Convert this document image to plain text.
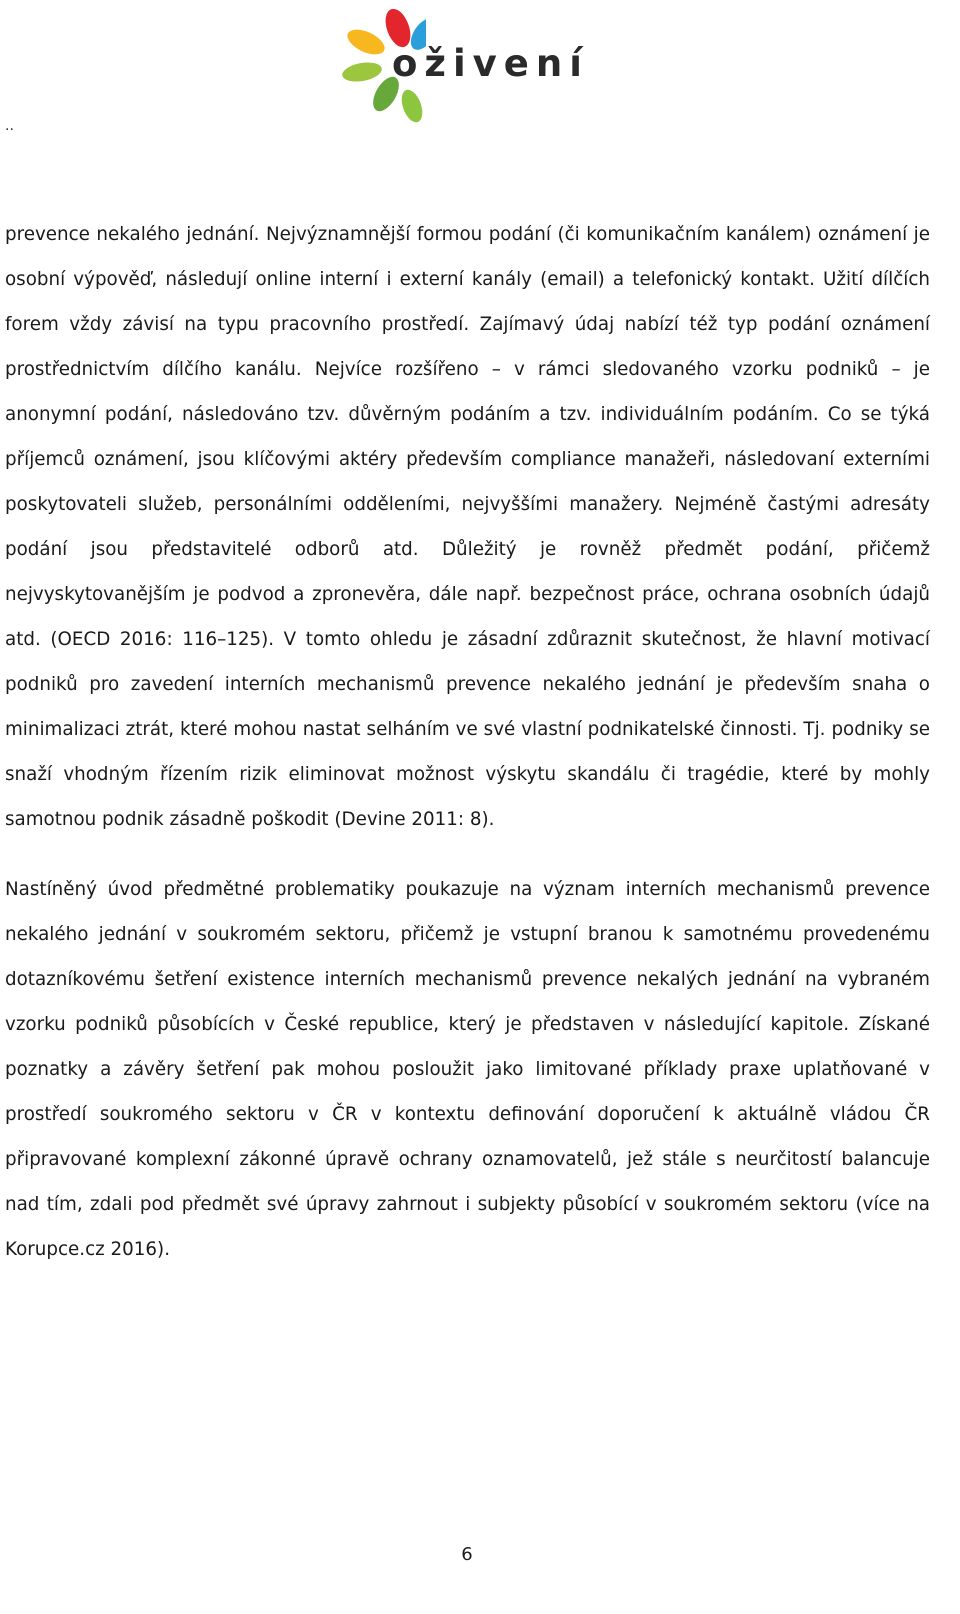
oživení
..

prevence nekalého jednání. Nejvýznamnější formou podání (či komunikačním kanálem) oznámení je osobní výpověď, následují online interní i externí kanály (email) a telefonický kontakt. Užití dílčích forem vždy závisí na typu pracovního prostředí. Zajímavý údaj nabízí též typ podání oznámení prostřednictvím dílčího kanálu. Nejvíce rozšířeno – v rámci sledovaného vzorku podniků – je anonymní podání, následováno tzv. důvěrným podáním a tzv. individuálním podáním. Co se týká příjemců oznámení, jsou klíčovými aktéry především compliance manažeři, následovaní externími poskytovateli služeb, personálními odděleními, nejvyššími manažery. Nejméně častými adresáty podání jsou představitelé odborů atd. Důležitý je rovněž předmět podání, přičemž nejvyskytovanějším je podvod a zpronevěra, dále např. bezpečnost práce, ochrana osobních údajů atd. (OECD 2016: 116–125). V tomto ohledu je zásadní zdůraznit skutečnost, že hlavní motivací podniků pro zavedení interních mechanismů prevence nekalého jednání je především snaha o minimalizaci ztrát, které mohou nastat selháním ve své vlastní podnikatelské činnosti. Tj. podniky se snaží vhodným řízením rizik eliminovat možnost výskytu skandálu či tragédie, které by mohly samotnou podnik zásadně poškodit (Devine 2011: 8).

Nastíněný úvod předmětné problematiky poukazuje na význam interních mechanismů prevence nekalého jednání v soukromém sektoru, přičemž je vstupní branou k samotnému provedenému dotazníkovému šetření existence interních mechanismů prevence nekalých jednání na vybraném vzorku podniků působících v České republice, který je představen v následující kapitole. Získané poznatky a závěry šetření pak mohou posloužit jako limitované příklady praxe uplatňované v prostředí soukromého sektoru v ČR v kontextu definování doporučení k aktuálně vládou ČR připravované komplexní zákonné úpravě ochrany oznamovatelů, jež stále s neurčitostí balancuje nad tím, zdali pod předmět své úpravy zahrnout i subjekty působící v soukromém sektoru (více na Korupce.cz 2016).

6
